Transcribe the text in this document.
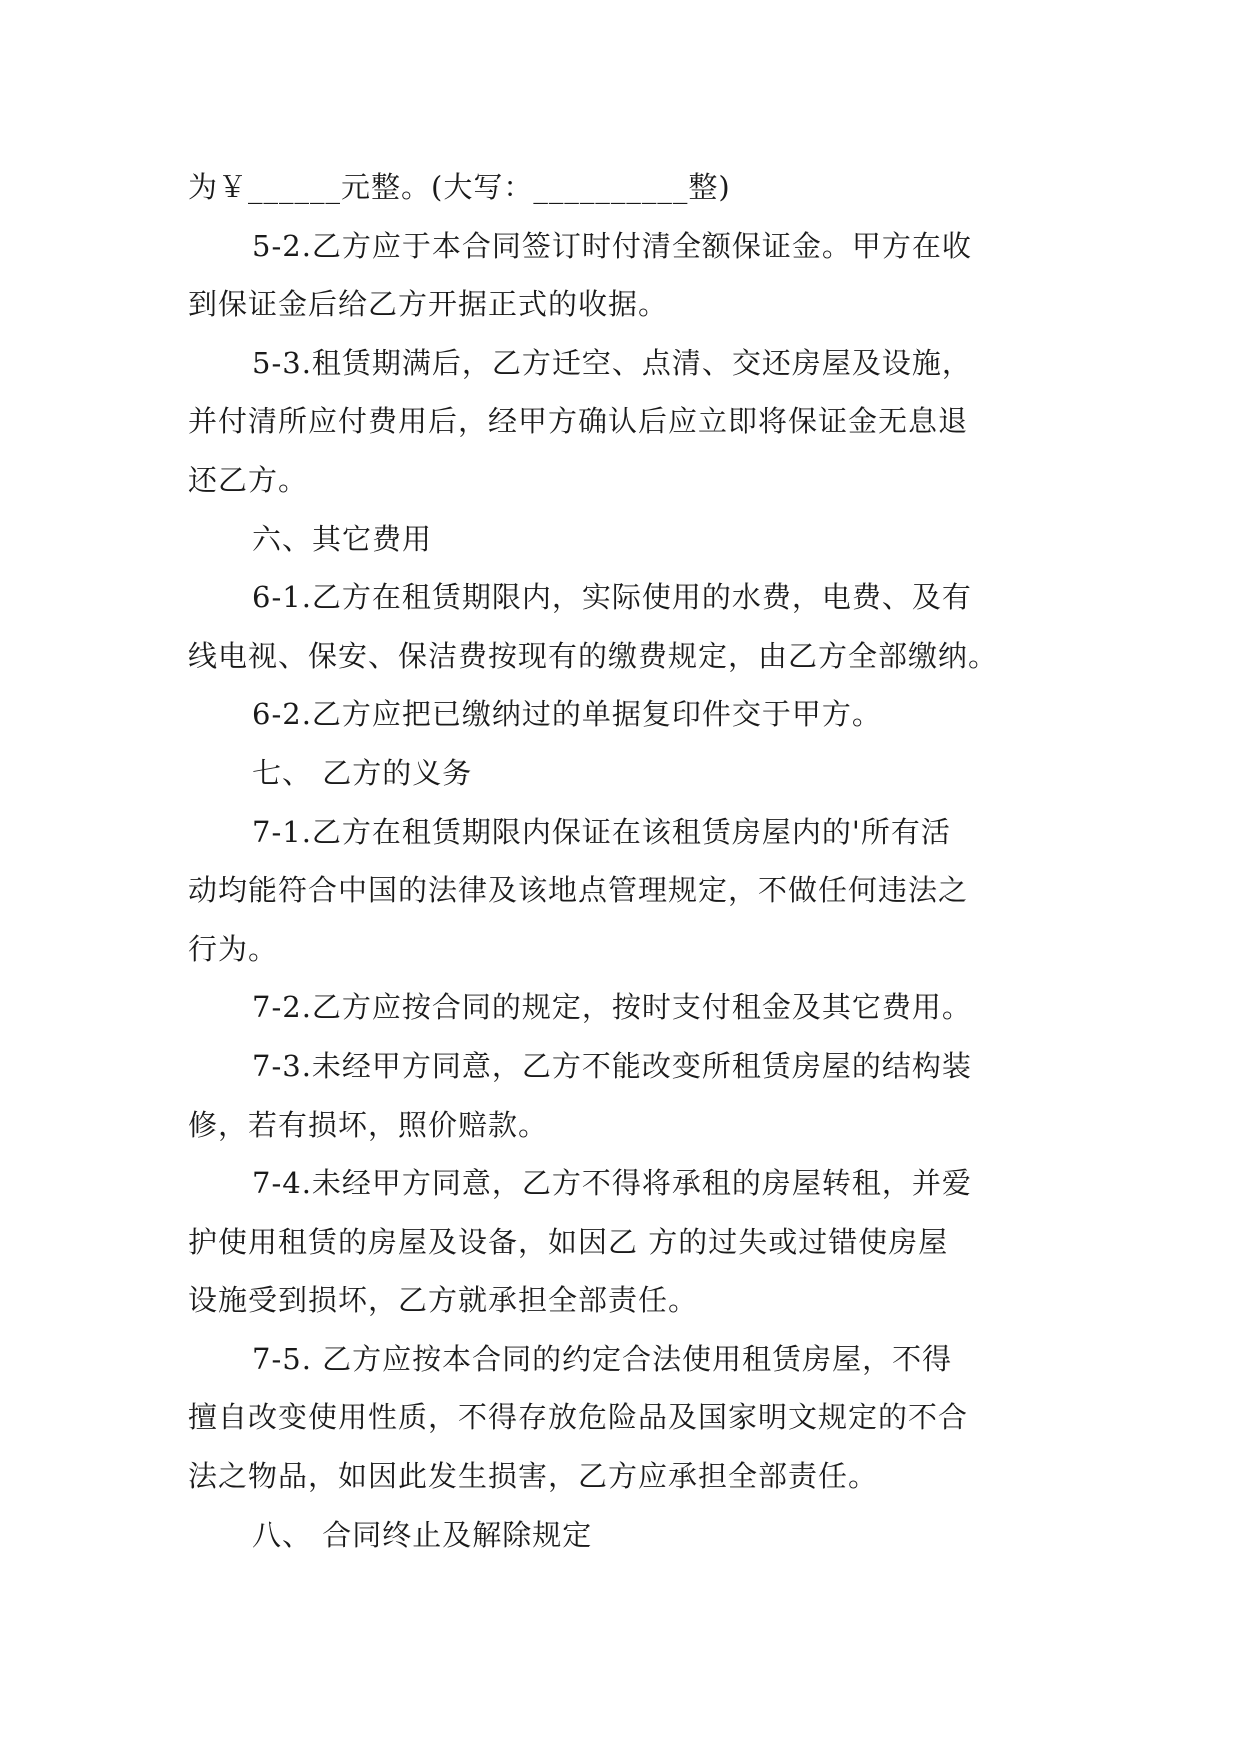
为￥______元整。(大写：__________整)
5-2.乙方应于本合同签订时付清全额保证金。甲方在收
到保证金后给乙方开据正式的收据。
5-3.租赁期满后，乙方迁空、点清、交还房屋及设施，
并付清所应付费用后，经甲方确认后应立即将保证金无息退
还乙方。
六、其它费用
6-1.乙方在租赁期限内，实际使用的水费，电费、及有
线电视、保安、保洁费按现有的缴费规定，由乙方全部缴纳。
6-2.乙方应把已缴纳过的单据复印件交于甲方。
七、 乙方的义务
7-1.乙方在租赁期限内保证在该租赁房屋内的'所有活
动均能符合中国的法律及该地点管理规定，不做任何违法之
行为。
7-2.乙方应按合同的规定，按时支付租金及其它费用。
7-3.未经甲方同意，乙方不能改变所租赁房屋的结构装
修，若有损坏，照价赔款。
7-4.未经甲方同意，乙方不得将承租的房屋转租，并爱
护使用租赁的房屋及设备，如因乙 方的过失或过错使房屋
设施受到损坏，乙方就承担全部责任。
7-5. 乙方应按本合同的约定合法使用租赁房屋，不得
擅自改变使用性质，不得存放危险品及国家明文规定的不合
法之物品，如因此发生损害，乙方应承担全部责任。
八、 合同终止及解除规定
